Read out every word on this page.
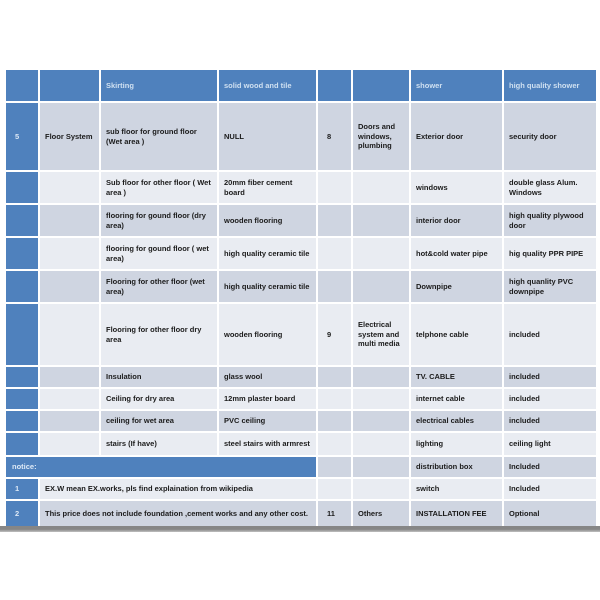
		Skirting	solid wood and tile			shower	high quality shower
5	Floor System	sub floor for ground floor (Wet area )	NULL	8	Doors and windows, plumbing	Exterior door	security door
		Sub floor for other floor ( Wet area )	20mm fiber cement board			windows	double glass Alum. Windows
		flooring for gound floor (dry area)	wooden flooring			interior door	high quality plywood door
		flooring for gound floor ( wet area)	high quality ceramic tile			hot&cold water pipe	hig quality PPR PIPE
		Flooring for other floor (wet area)	high quality ceramic tile			Downpipe	high quanlity PVC downpipe
		Flooring for other floor dry area	wooden flooring	9	Electrical system and multi media	telphone cable	included
		Insulation	glass wool			TV. CABLE	included
		Ceiling for dry area	12mm plaster board			internet cable	included
		ceiling for wet area	PVC ceiling			electrical cables	included
		stairs (If have)	steel stairs with armrest			lighting	ceiling light
notice:						distribution box	Included
1	EX.W mean EX.works, pls find explaination from wikipedia					switch	Included
2	This price does not include foundation ,cement works and any other cost.			11	Others	INSTALLATION FEE	Optional
